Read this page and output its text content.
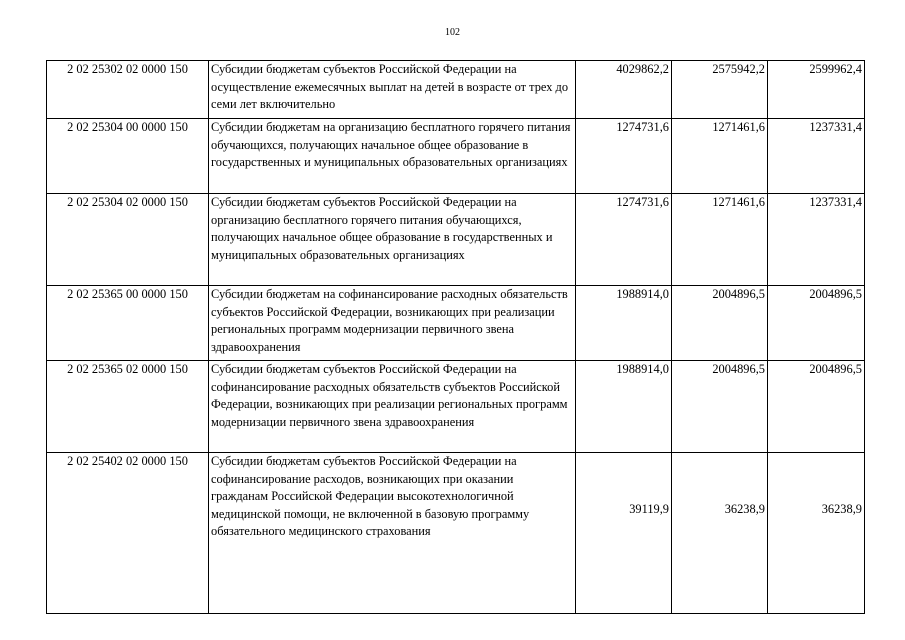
102
2 02 25302 02 0000 150	Субсидии бюджетам субъектов Российской Федерации на осуществление ежемесячных выплат на детей в возрасте от трех до семи лет включительно	4029862,2	2575942,2	2599962,4
2 02 25304 00 0000 150	Субсидии бюджетам на организацию бесплатного горячего питания обучающихся, получающих начальное общее образование в государственных и муниципальных образовательных организациях	1274731,6	1271461,6	1237331,4
2 02 25304 02 0000 150	Субсидии бюджетам субъектов Российской Федерации на организацию бесплатного горячего питания обучающихся, получающих начальное общее образование в государственных и муниципальных образовательных организациях	1274731,6	1271461,6	1237331,4
2 02 25365 00 0000 150	Субсидии бюджетам на софинансирование расходных обязательств субъектов Российской Федерации, возникающих при реализации региональных программ модернизации первичного звена здравоохранения	1988914,0	2004896,5	2004896,5
2 02 25365 02 0000 150	Субсидии бюджетам субъектов Российской Федерации на софинансирование расходных обязательств субъектов Российской Федерации, возникающих при реализации региональных программ модернизации первичного звена здравоохранения	1988914,0	2004896,5	2004896,5
2 02 25402 02 0000 150	Субсидии бюджетам субъектов Российской Федерации на софинансирование расходов, возникающих при оказании гражданам Российской Федерации высокотехнологичной медицинской помощи, не включенной в базовую программу обязательного медицинского страхования	39119,9	36238,9	36238,9
